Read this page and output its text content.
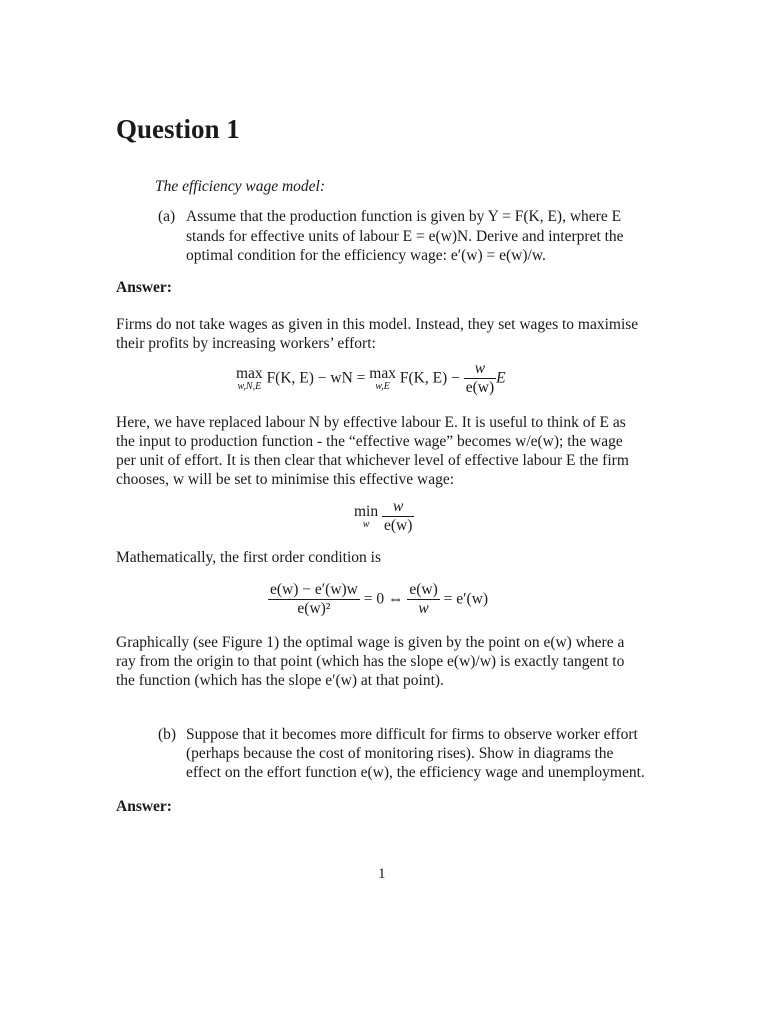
Question 1
The efficiency wage model:
(a) Assume that the production function is given by Y = F(K, E), where E
stands for effective units of labour E = e(w)N. Derive and interpret the
optimal condition for the efficiency wage: e′(w) = e(w)/w.
Answer:
Firms do not take wages as given in this model. Instead, they set wages to maximise
their profits by increasing workers’ effort:
max
w,N,E F(K, E) − wN = max
w,E F(K, $E) - \frac{w}{e(w)}$ E
Here, we have replaced labour N by effective labour E. It is useful to think of E as
the input to production function - the “effective wage” becomes w/e(w); the wage
per unit of effort. It is then clear that whichever level of effective labour E the firm
chooses, w will be set to minimise this effective wage:
min
w
$\frac{w}{e(w)}$
Mathematically, the first order condition is
$\frac{e(w) - e'(w)w}{\text{e(w)²}} = 0$ ⇔ $\frac{e(w)}{w} = e'(w)$
Graphically (see Figure 1) the optimal wage is given by the point on e(w) where a
ray from the origin to that point (which has the slope e(w)/w) is exactly tangent to
the function (which has the slope e′(w) at that point).
(b) Suppose that it becomes more difficult for firms to observe worker effort
(perhaps because the cost of monitoring rises). Show in diagrams the
effect on the effort function e(w), the efficiency wage and unemployment.
Answer:
1
